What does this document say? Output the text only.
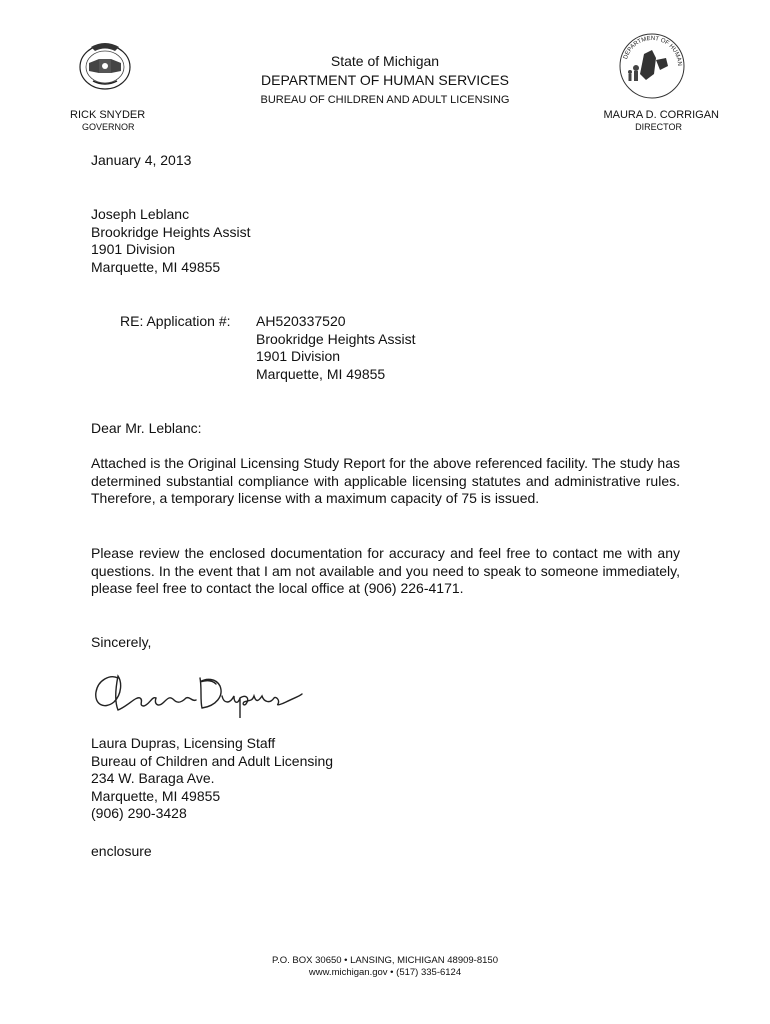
DEPARTMENT OF HUMAN
State of Michigan
DEPARTMENT OF HUMAN SERVICES
BUREAU OF CHILDREN AND ADULT LICENSING
RICK SNYDER
GOVERNOR
MAURA D. CORRIGAN
DIRECTOR
January 4, 2013
Joseph Leblanc
Brookridge Heights Assist
1901 Division
Marquette, MI 49855
RE: Application #: AH520337520
Brookridge Heights Assist
1901 Division
Marquette, MI 49855
Dear Mr. Leblanc:
Attached is the Original Licensing Study Report for the above referenced facility. The study has determined substantial compliance with applicable licensing statutes and administrative rules. Therefore, a temporary license with a maximum capacity of 75 is issued.
Please review the enclosed documentation for accuracy and feel free to contact me with any questions. In the event that I am not available and you need to speak to someone immediately, please feel free to contact the local office at (906) 226-4171.
Sincerely,
Laura Dupras, Licensing Staff
Bureau of Children and Adult Licensing
234 W. Baraga Ave.
Marquette, MI 49855
(906) 290-3428
enclosure
P.O. BOX 30650 • LANSING, MICHIGAN 48909-8150
www.michigan.gov • (517) 335-6124
